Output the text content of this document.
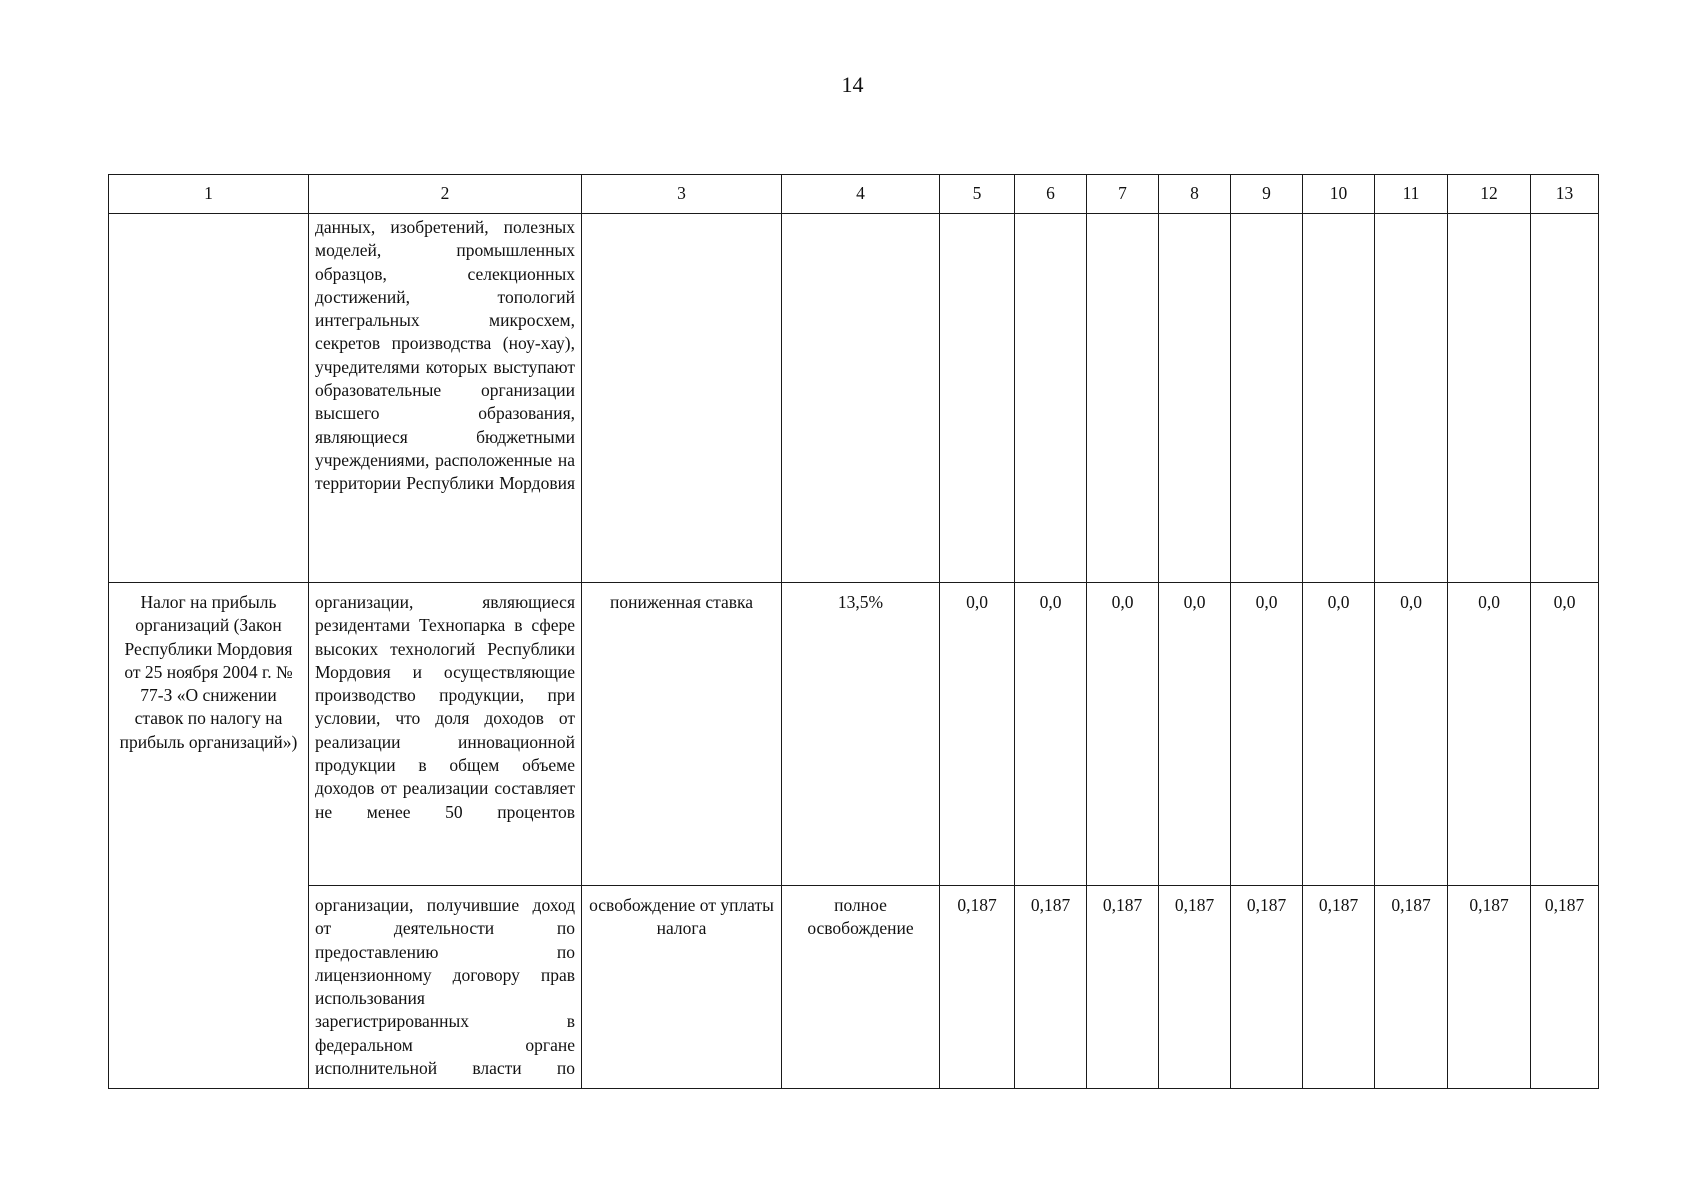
14
1	2	3	4	5	6	7	8	9	10	11	12	13
	данных, изобретений, полезных моделей, промышленных образцов, селекционных достижений, топологий интегральных микросхем, секретов производства (ноу-хау), учредителями которых выступают образовательные организации высшего образования, являющиеся бюджетными учреждениями, расположенные на территории Республики Мордовия											
Налог на прибыль организаций (Закон Республики Мордовия от 25 ноября 2004 г. № 77-З «О снижении ставок по налогу на прибыль организаций»)	организации, являющиеся резидентами Технопарка в сфере высоких технологий Республики Мордовия и осуществляющие производство продукции, при условии, что доля доходов от реализации инновационной продукции в общем объеме доходов от реализации составляет не менее 50 процентов	пониженная ставка	13,5%	0,0	0,0	0,0	0,0	0,0	0,0	0,0	0,0	0,0
	организации, получившие доход от деятельности по предоставлению по лицензионному договору прав использования зарегистрированных в федеральном органе исполнительной власти по	освобождение от уплаты налога	полное освобождение	0,187	0,187	0,187	0,187	0,187	0,187	0,187	0,187	0,187
